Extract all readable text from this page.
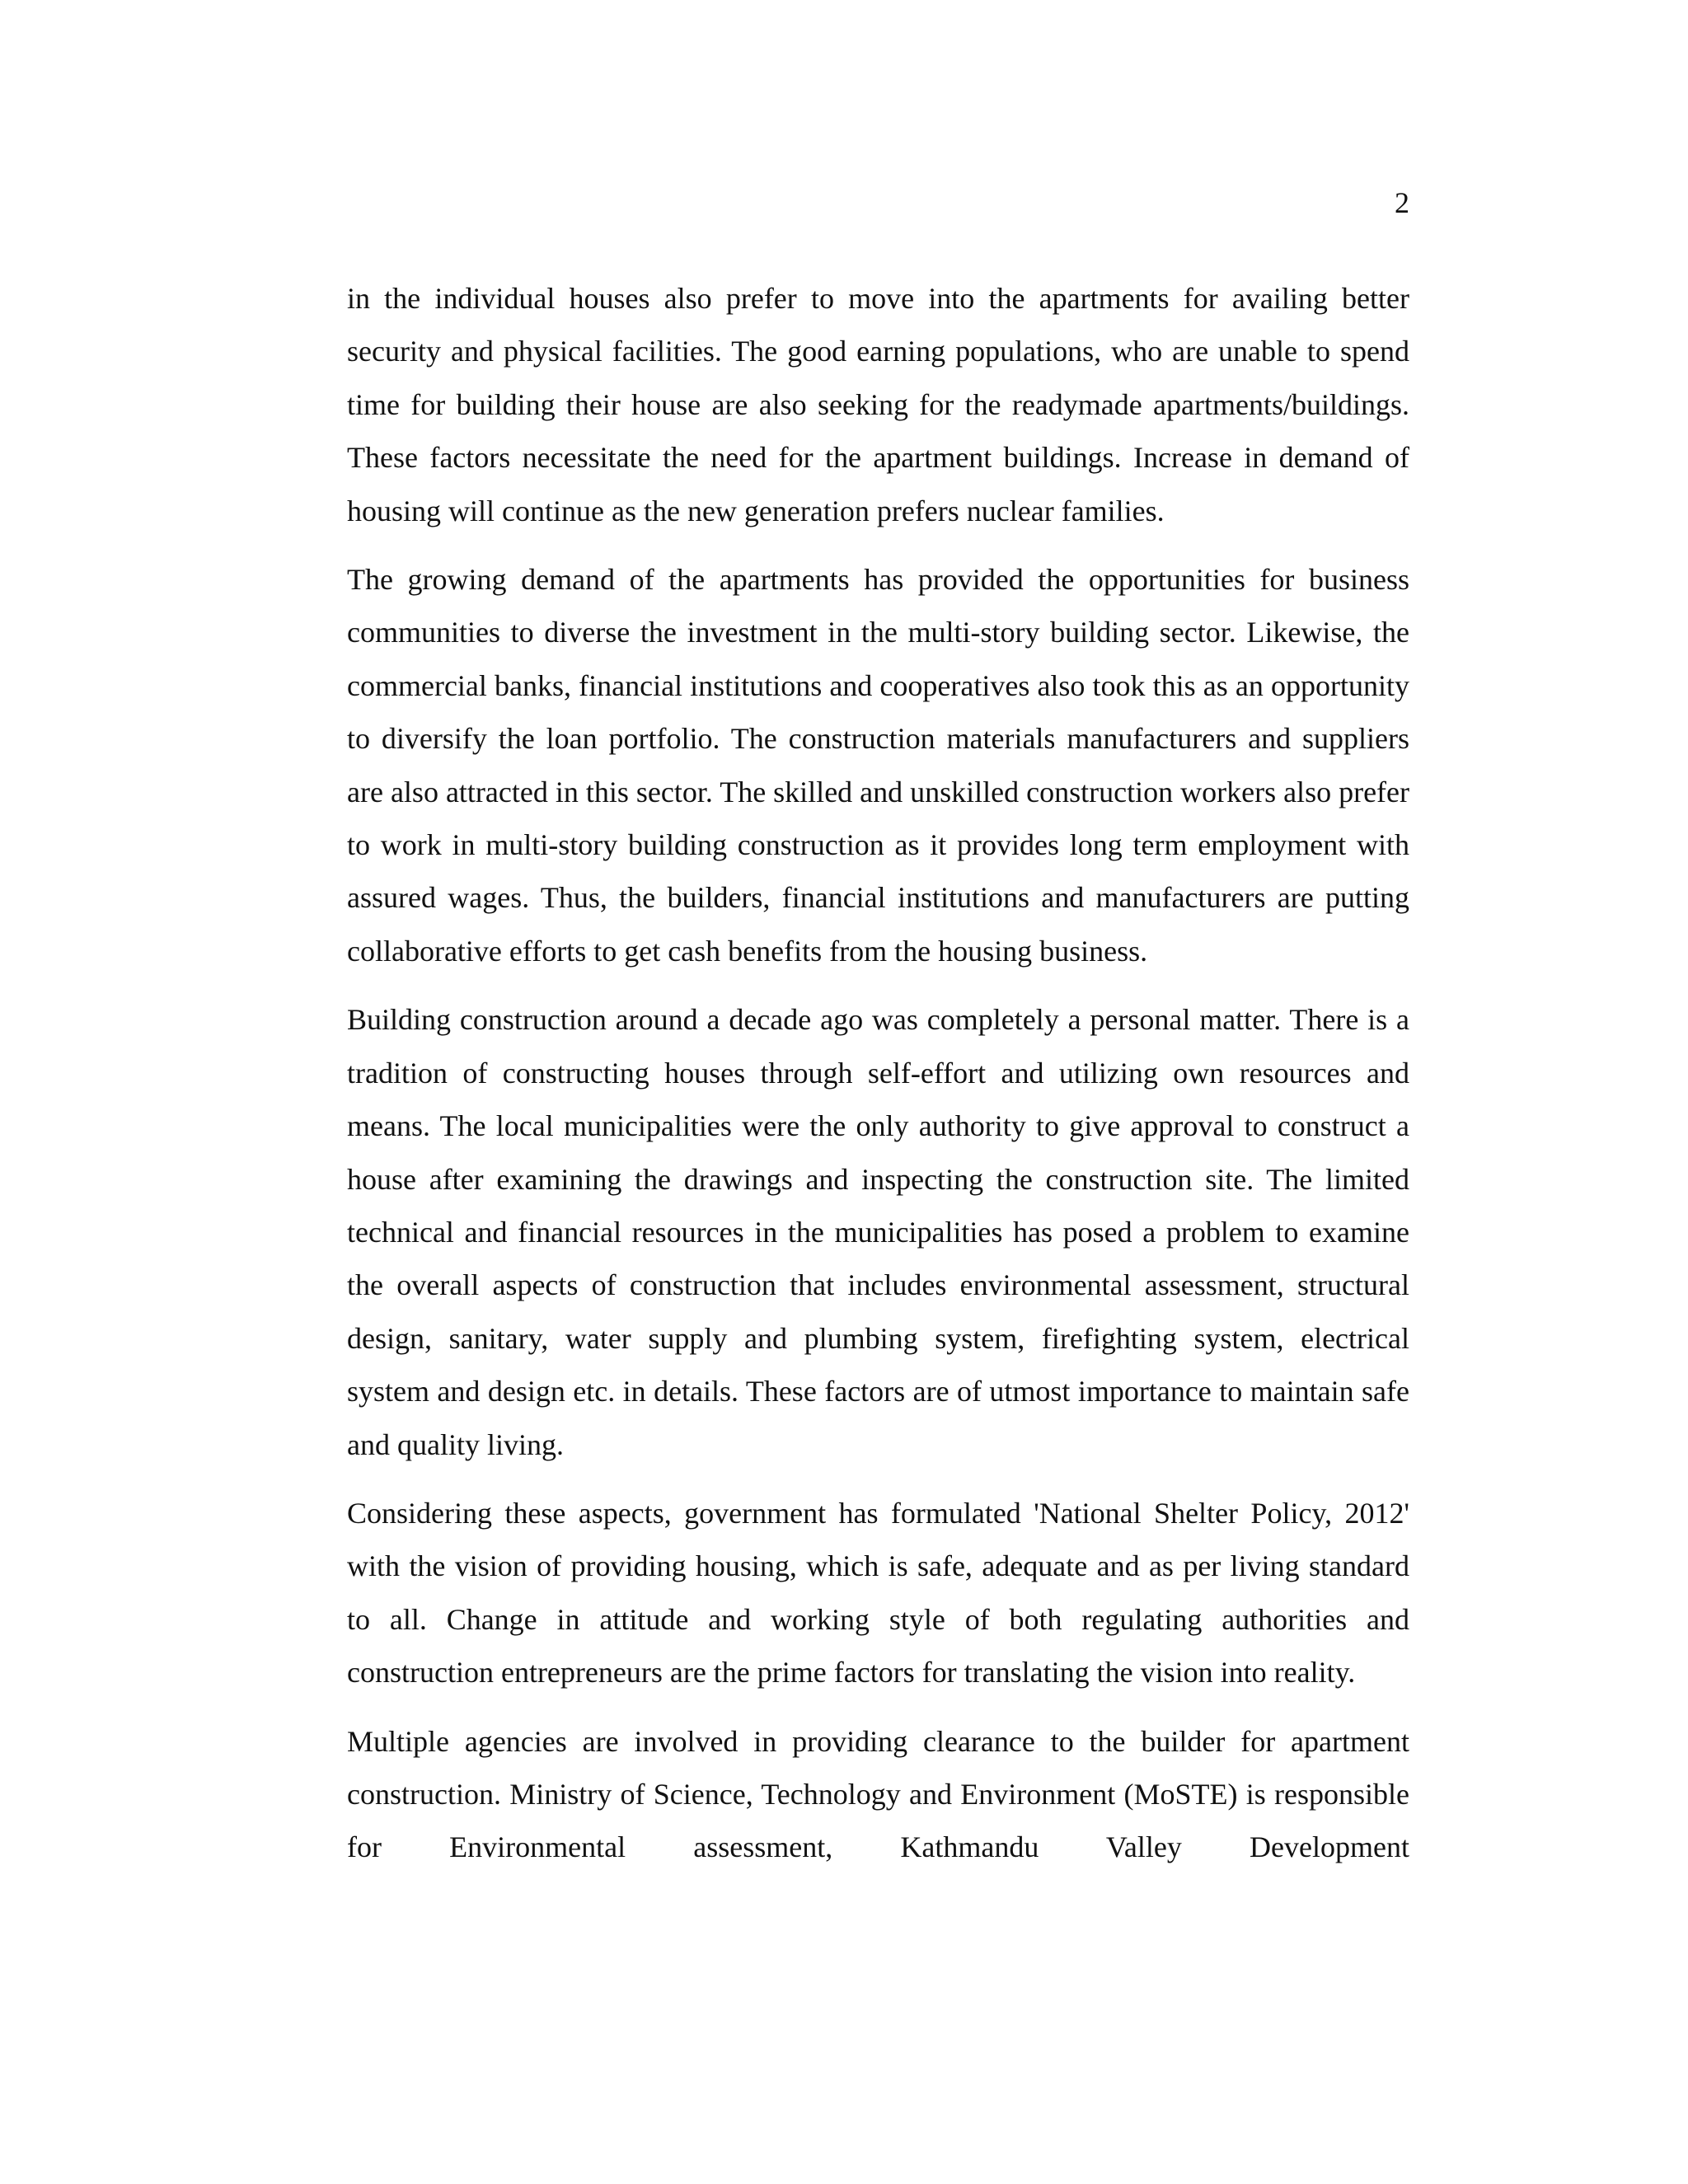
2

in the individual houses also prefer to move into the apartments for availing better security and physical facilities. The good earning populations, who are unable to spend time for building their house are also seeking for the readymade apartments/buildings. These factors necessitate the need for the apartment buildings. Increase in demand of housing will continue as the new generation prefers nuclear families.

The growing demand of the apartments has provided the opportunities for business communities to diverse the investment in the multi-story building sector. Likewise, the commercial banks, financial institutions and cooperatives also took this as an opportunity to diversify the loan portfolio. The construction materials manufacturers and suppliers are also attracted in this sector. The skilled and unskilled construction workers also prefer to work in multi-story building construction as it provides long term employment with assured wages. Thus, the builders, financial institutions and manufacturers are putting collaborative efforts to get cash benefits from the housing business.

Building construction around a decade ago was completely a personal matter. There is a tradition of constructing houses through self-effort and utilizing own resources and means. The local municipalities were the only authority to give approval to construct a house after examining the drawings and inspecting the construction site. The limited technical and financial resources in the municipalities has posed a problem to examine the overall aspects of construction that includes environmental assessment, structural design, sanitary, water supply and plumbing system, firefighting system, electrical system and design etc. in details. These factors are of utmost importance to maintain safe and quality living.

Considering these aspects, government has formulated 'National Shelter Policy, 2012' with the vision of providing housing, which is safe, adequate and as per living standard to all. Change in attitude and working style of both regulating authorities and construction entrepreneurs are the prime factors for translating the vision into reality.

Multiple agencies are involved in providing clearance to the builder for apartment construction. Ministry of Science, Technology and Environment (MoSTE) is responsible for Environmental assessment, Kathmandu Valley Development
